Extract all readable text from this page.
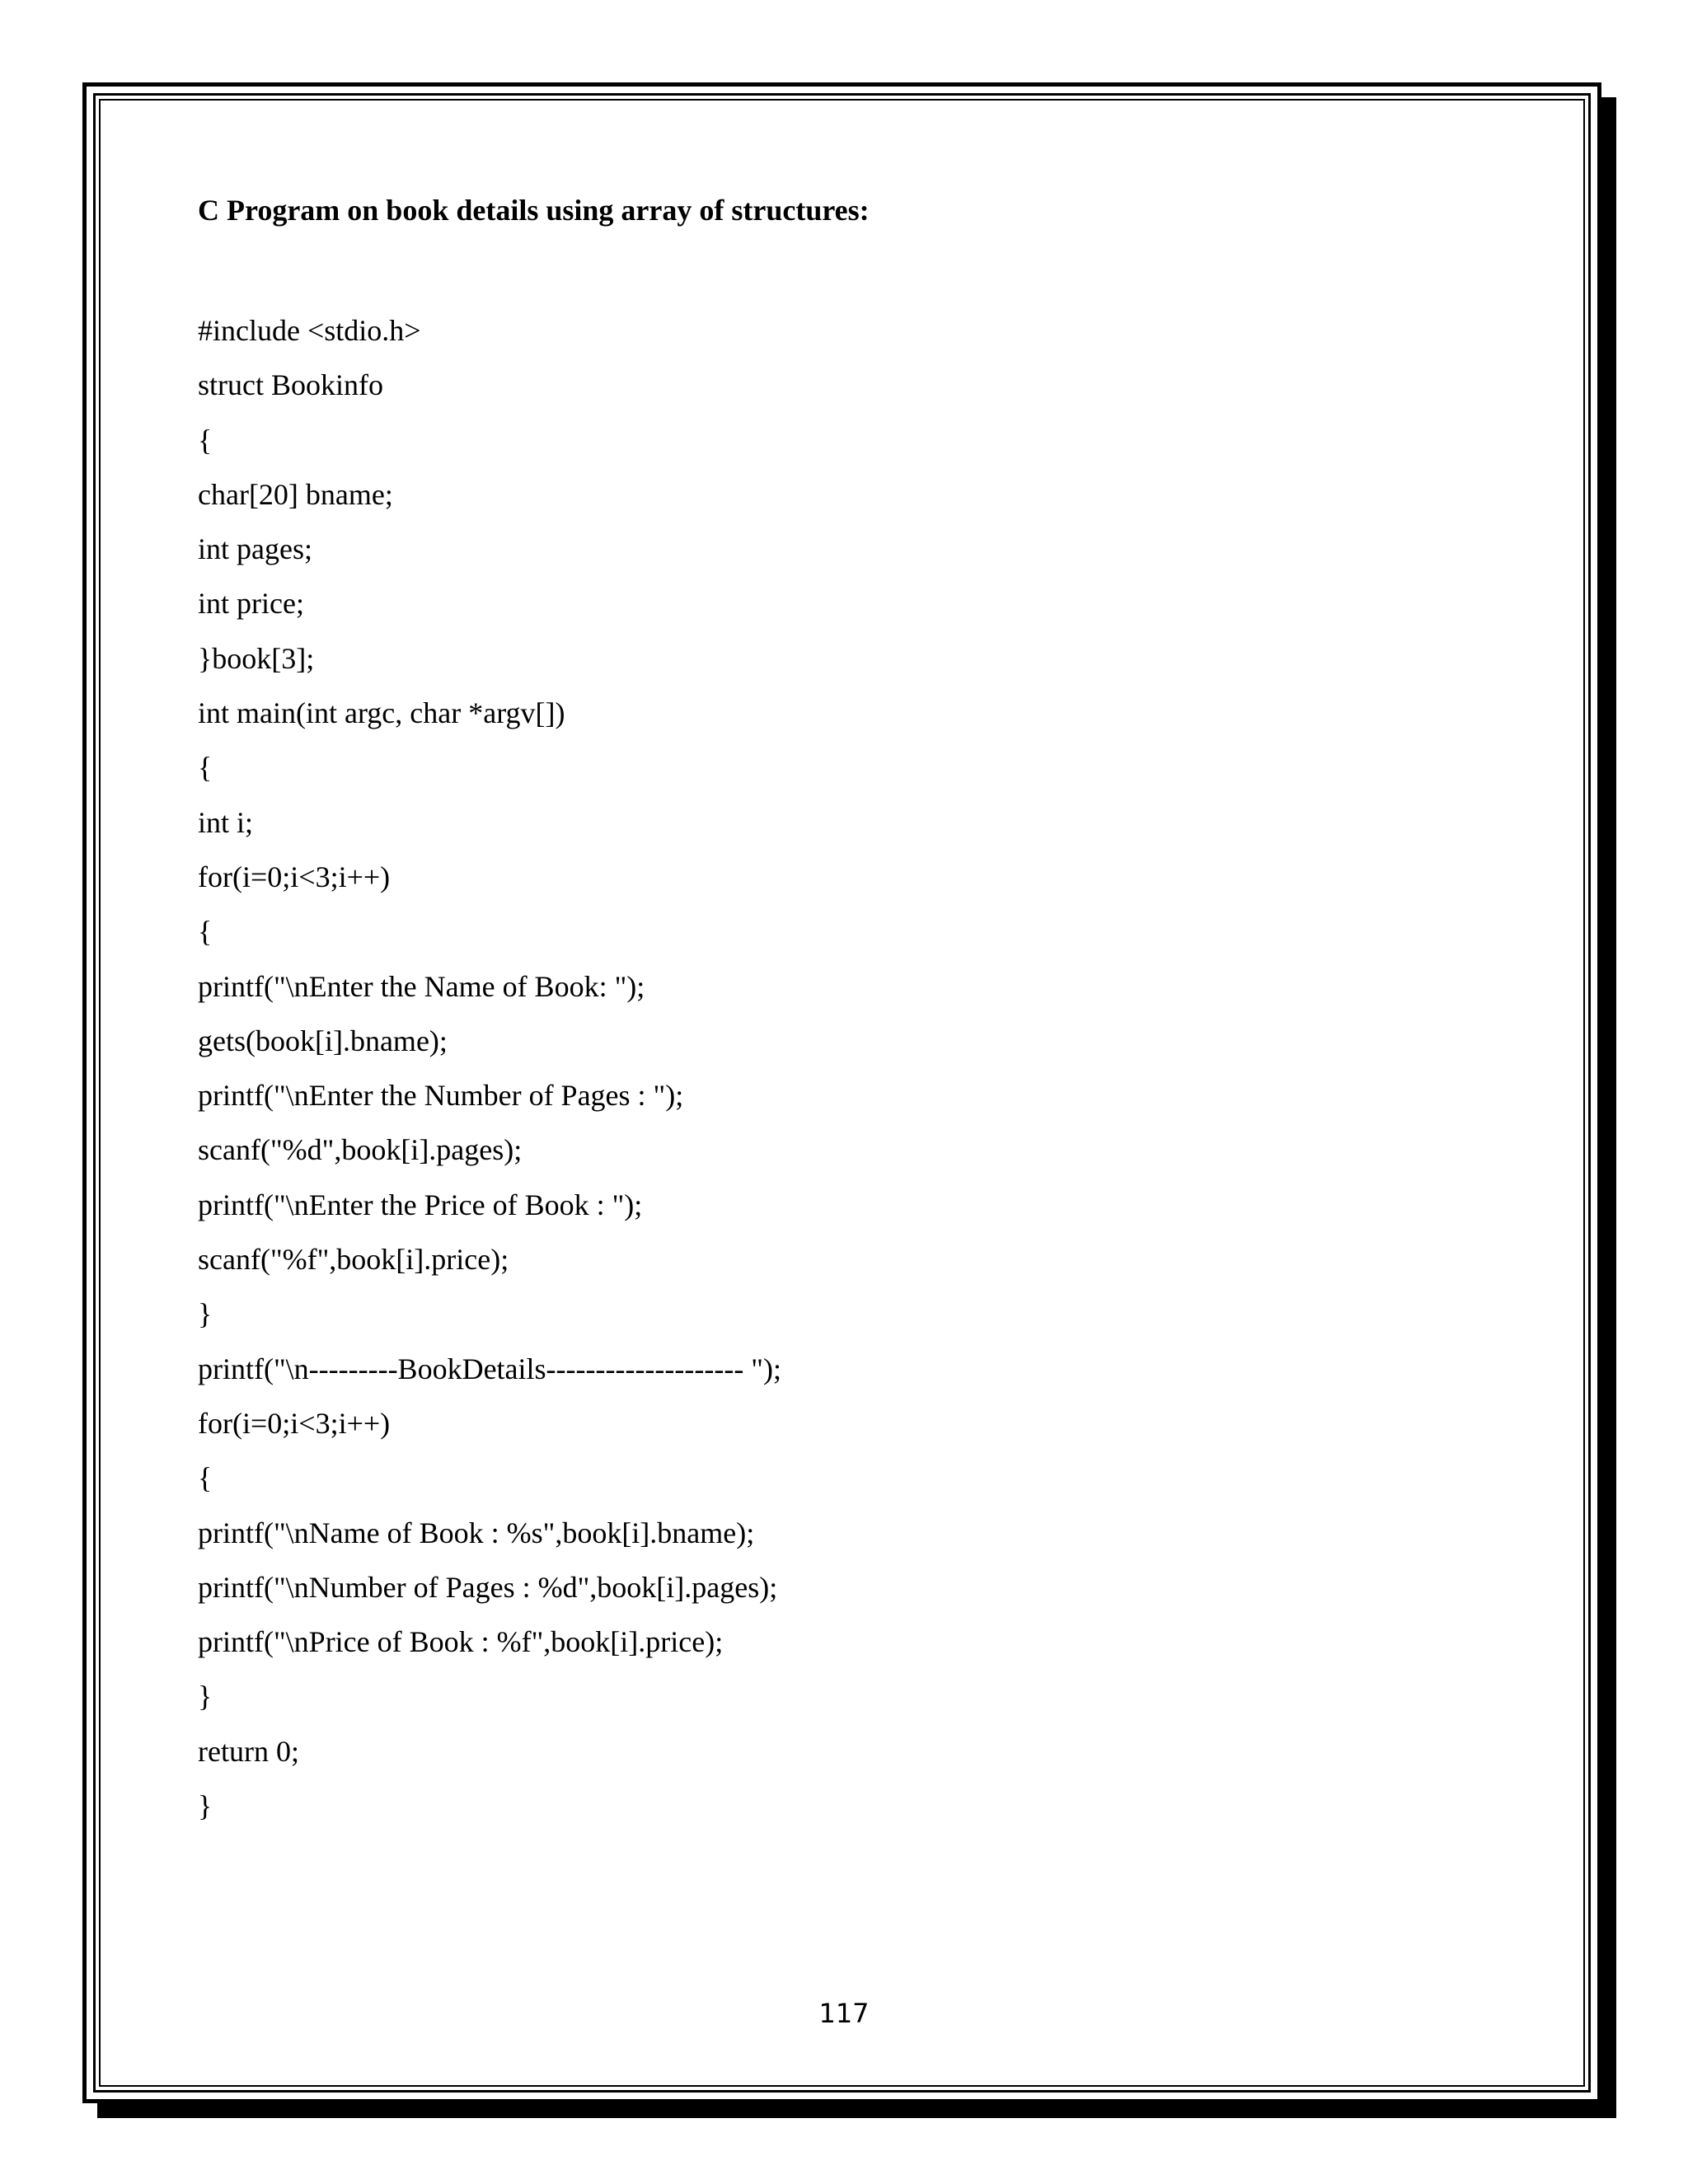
C Program on book details using array of structures:
#include <stdio.h>
struct Bookinfo
{
char[20] bname;
int pages;
int price;
}book[3];
int main(int argc, char *argv[])
{
int i;
for(i=0;i<3;i++)
{
printf("\nEnter the Name of Book: ");
gets(book[i].bname);
printf("\nEnter the Number of Pages : ");
scanf("%d",book[i].pages);
printf("\nEnter the Price of Book : ");
scanf("%f",book[i].price);
}
printf("\n---------BookDetails-------------------- ");
for(i=0;i<3;i++)
{
printf("\nName of Book : %s",book[i].bname);
printf("\nNumber of Pages : %d",book[i].pages);
printf("\nPrice of Book : %f",book[i].price);
}
return 0;
}
117
